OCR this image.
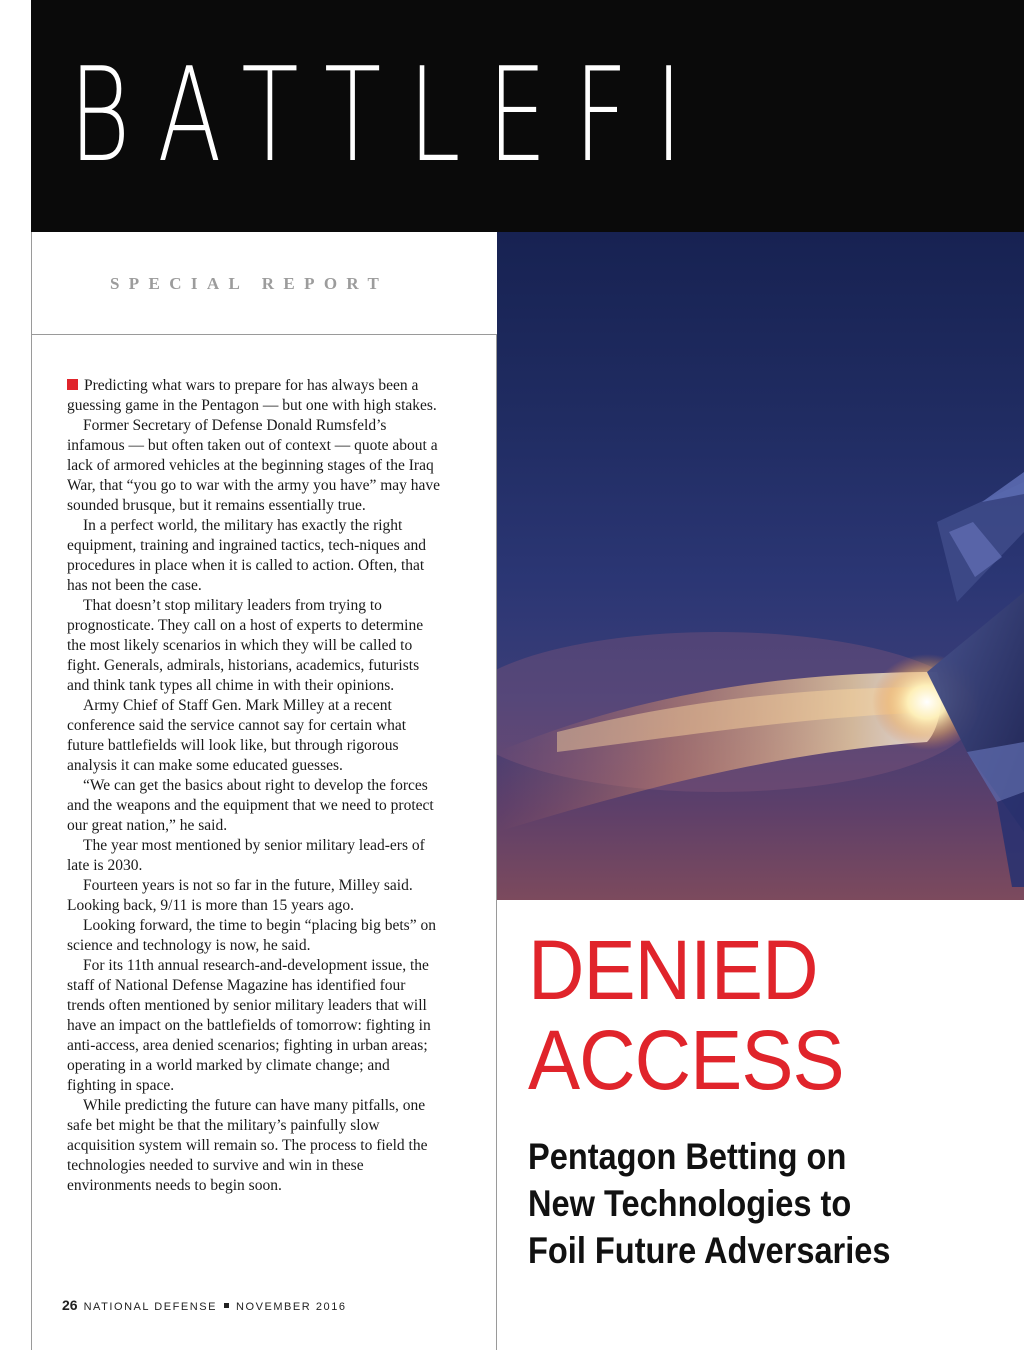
BATTLEFI
SPECIAL REPORT

Predicting what wars to prepare for has always been a guessing game in the Pentagon — but one with high stakes.

Former Secretary of Defense Donald Rumsfeld’s infamous — but often taken out of context — quote about a lack of armored vehicles at the beginning stages of the Iraq War, that “you go to war with the army you have” may have sounded brusque, but it remains essentially true.

In a perfect world, the military has exactly the right equipment, training and ingrained tactics, tech-niques and procedures in place when it is called to action. Often, that has not been the case.

That doesn’t stop military leaders from trying to prognosticate. They call on a host of experts to determine the most likely scenarios in which they will be called to fight. Generals, admirals, historians, academics, futurists and think tank types all chime in with their opinions.

Army Chief of Staff Gen. Mark Milley at a recent conference said the service cannot say for certain what future battlefields will look like, but through rigorous analysis it can make some educated guesses.

“We can get the basics about right to develop the forces and the weapons and the equipment that we need to protect our great nation,” he said.

The year most mentioned by senior military lead-ers of late is 2030.

Fourteen years is not so far in the future, Milley said. Looking back, 9/11 is more than 15 years ago.

Looking forward, the time to begin “placing big bets” on science and technology is now, he said.

For its 11th annual research-and-development issue, the staff of National Defense Magazine has identified four trends often mentioned by senior military leaders that will have an impact on the battlefields of tomorrow: fighting in anti-access, area denied scenarios; fighting in urban areas; operating in a world marked by climate change; and fighting in space.

While predicting the future can have many pitfalls, one safe bet might be that the military’s painfully slow acquisition system will remain so. The process to field the technologies needed to survive and win in these environments needs to begin soon.

26 NATIONAL DEFENSE NOVEMBER 2016
DENIED
ACCESS
Pentagon Betting on
New Technologies to
Foil Future Adversaries
